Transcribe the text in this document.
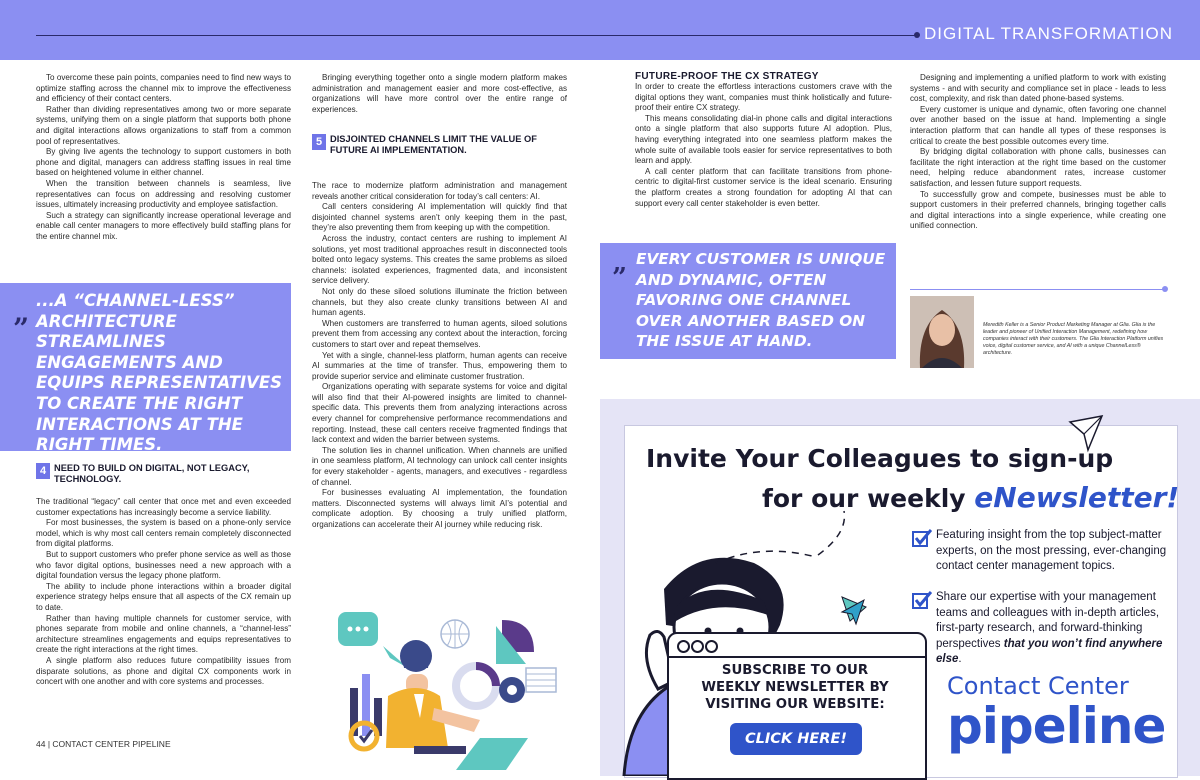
DIGITAL TRANSFORMATION

To overcome these pain points, companies need to find new ways to optimize staffing across the channel mix to improve the effectiveness and efficiency of their contact centers.

Rather than dividing representatives among two or more separate systems, unifying them on a single platform that supports both phone and digital interactions allows organizations to staff from a common pool of representatives.

By giving live agents the technology to support customers in both phone and digital, managers can address staffing issues in real time based on heightened volume in either channel.

When the transition between channels is seamless, live representatives can focus on addressing and resolving customer issues, ultimately increasing productivity and employee satisfaction.

Such a strategy can significantly increase operational leverage and enable call center managers to more effectively build staffing plans for the entire channel mix.

”
...A “CHANNEL-LESS” ARCHITECTURE STREAMLINES ENGAGEMENTS AND EQUIPS REPRESENTATIVES TO CREATE THE RIGHT INTERACTIONS AT THE RIGHT TIMES.
4 NEED TO BUILD ON DIGITAL, NOT LEGACY, TECHNOLOGY.

The traditional “legacy” call center that once met and even exceeded customer expectations has increasingly become a service liability.

For most businesses, the system is based on a phone-only service model, which is why most call centers remain completely disconnected from digital platforms.

But to support customers who prefer phone service as well as those who favor digital options, businesses need a new approach with a digital foundation versus the legacy phone platform.

The ability to include phone interactions within a broader digital experience strategy helps ensure that all aspects of the CX remain up to date.

Rather than having multiple channels for customer service, with phones separate from mobile and online channels, a “channel-less” architecture streamlines engagements and equips representatives to create the right interactions at the right times.

A single platform also reduces future compatibility issues from disparate solutions, as phone and digital CX components work in concert with one another and with core systems and processes.

44 | CONTACT CENTER PIPELINE

Bringing everything together onto a single modern platform makes administration and management easier and more cost-effective, as organizations will have more control over the entire range of experiences.

5 DISJOINTED CHANNELS LIMIT THE VALUE OF FUTURE AI IMPLEMENTATION.

The race to modernize platform administration and management reveals another critical consideration for today’s call centers: AI.

Call centers considering AI implementation will quickly find that disjointed channel systems aren’t only keeping them in the past, they’re also preventing them from keeping up with the competition.

Across the industry, contact centers are rushing to implement AI solutions, yet most traditional approaches result in disconnected tools bolted onto legacy systems. This creates the same problems as siloed channels: isolated experiences, fragmented data, and inconsistent service delivery.

Not only do these siloed solutions illuminate the friction between channels, but they also create clunky transitions between AI and human agents.

When customers are transferred to human agents, siloed solutions prevent them from accessing any context about the interaction, forcing customers to start over and repeat themselves.

Yet with a single, channel-less platform, human agents can receive AI summaries at the time of transfer. Thus, empowering them to provide superior service and eliminate customer frustration.

Organizations operating with separate systems for voice and digital will also find that their AI-powered insights are limited to channel-specific data. This prevents them from analyzing interactions across every channel for comprehensive performance recommendations and reporting. Instead, these call centers receive fragmented findings that lack context and widen the barrier between systems.

The solution lies in channel unification. When channels are unified in one seamless platform, AI technology can unlock call center insights for every stakeholder - agents, managers, and executives - regardless of channel.

For businesses evaluating AI implementation, the foundation matters. Disconnected systems will always limit AI’s potential and complicate adoption. By choosing a truly unified platform, organizations can accelerate their AI journey while reducing risk.

FUTURE-PROOF THE CX STRATEGY

In order to create the effortless interactions customers crave with the digital options they want, companies must think holistically and future-proof their entire CX strategy.

This means consolidating dial-in phone calls and digital interactions onto a single platform that also supports future AI adoption. Plus, having everything integrated into one seamless platform makes the whole suite of available tools easier for service representatives to both learn and apply.

A call center platform that can facilitate transitions from phone-centric to digital-first customer service is the ideal scenario. Ensuring the platform creates a strong foundation for adopting AI that can support every call center stakeholder is even better.

”
EVERY CUSTOMER IS UNIQUE AND DYNAMIC, OFTEN FAVORING ONE CHANNEL OVER ANOTHER BASED ON THE ISSUE AT HAND.

Designing and implementing a unified platform to work with existing systems - and with security and compliance set in place - leads to less cost, complexity, and risk than dated phone-based systems.

Every customer is unique and dynamic, often favoring one channel over another based on the issue at hand. Implementing a single interaction platform that can handle all types of these responses is critical to create the best possible outcomes every time.

By bridging digital collaboration with phone calls, businesses can facilitate the right interaction at the right time based on the customer need, helping reduce abandonment rates, increase customer satisfaction, and lessen future support requests.

To successfully grow and compete, businesses must be able to support customers in their preferred channels, bringing together calls and digital interactions into a single experience, while creating one unified connection.

Meredith Keller is a Senior Product Marketing Manager at Glia. Glia is the leader and pioneer of Unified Interaction Management, redefining how companies interact with their customers. The Glia Interaction Platform unifies voice, digital customer service, and AI with a unique ChannelLess® architecture.
Invite Your Colleagues to sign-up
for our weekly eNewsletter!
Featuring insight from the top subject-matter experts, on the most pressing, ever-changing contact center management topics.
Share our expertise with your management teams and colleagues with in-depth articles, first-party research, and forward-thinking perspectives that you won’t find anywhere else.
SUBSCRIBE TO OUR WEEKLY NEWSLETTER BY VISITING OUR WEBSITE:
CLICK HERE!
Contact Center
pipeline
